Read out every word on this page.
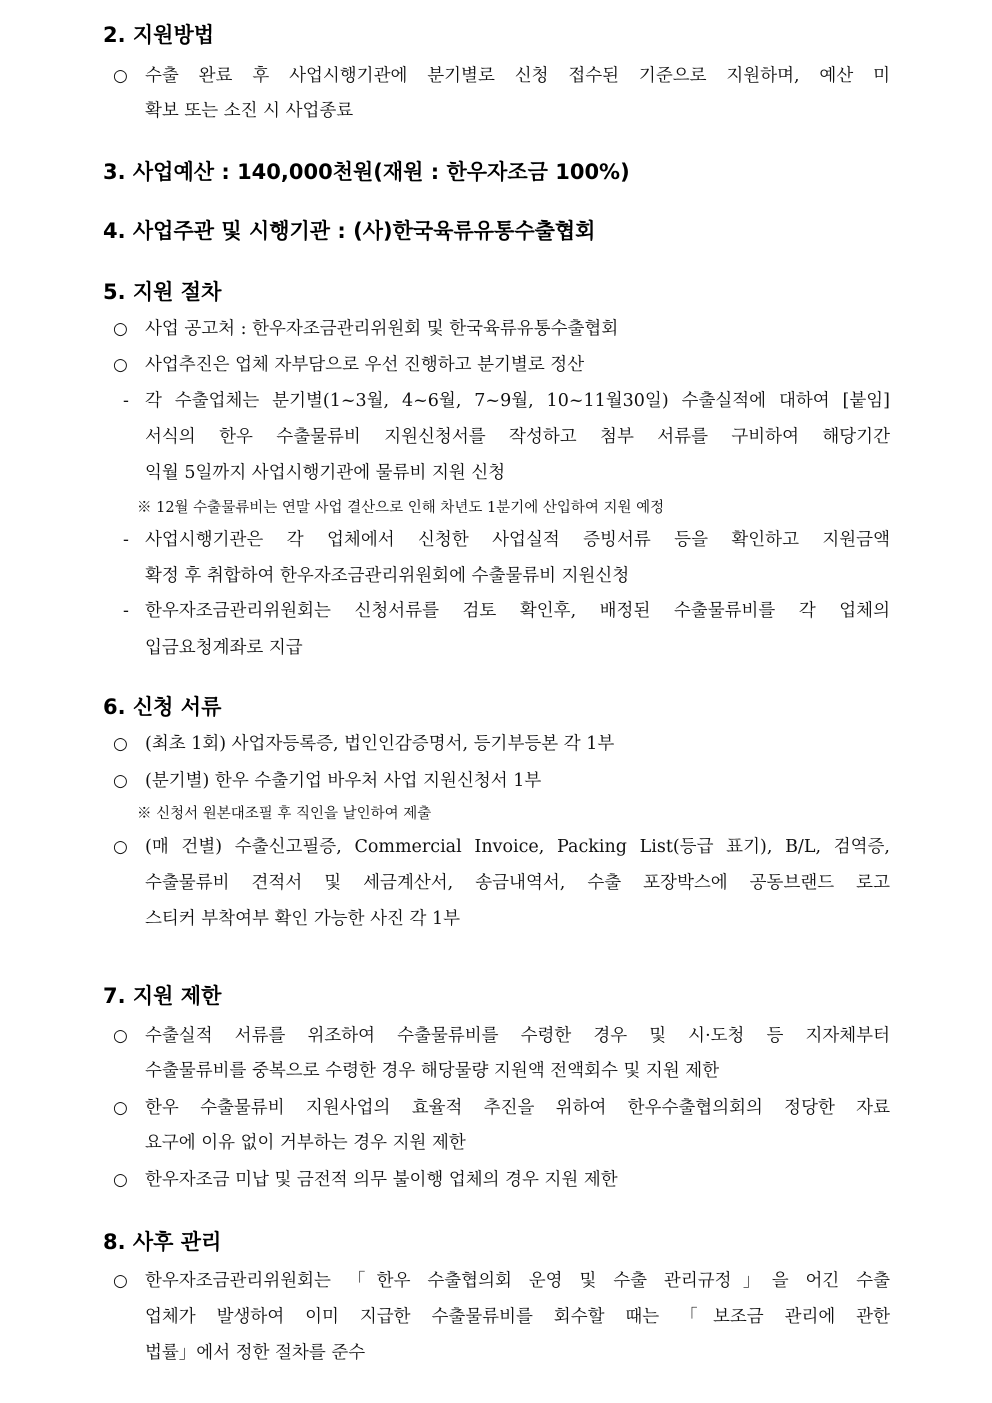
2. 지원방법
○ 수출 완료 후 사업시행기관에 분기별로 신청 접수된 기준으로 지원하며, 예산 미
확보 또는 소진 시 사업종료
3. 사업예산 : 140,000천원(재원 : 한우자조금 100%)
4. 사업주관 및 시행기관 : (사)한국육류유통수출협회
5. 지원 절차
○ 사업 공고처 : 한우자조금관리위원회 및 한국육류유통수출협회
○ 사업추진은 업체 자부담으로 우선 진행하고 분기별로 정산
- 각 수출업체는 분기별(1~3월, 4~6월, 7~9월, 10~11월30일) 수출실적에 대하여 [붙임]
서식의 한우 수출물류비 지원신청서를 작성하고 첨부 서류를 구비하여 해당기간
익월 5일까지 사업시행기관에 물류비 지원 신청
※ 12월 수출물류비는 연말 사업 결산으로 인해 차년도 1분기에 산입하여 지원 예정
- 사업시행기관은 각 업체에서 신청한 사업실적 증빙서류 등을 확인하고 지원금액
확정 후 취합하여 한우자조금관리위원회에 수출물류비 지원신청
- 한우자조금관리위원회는 신청서류를 검토 확인후, 배정된 수출물류비를 각 업체의
입금요청계좌로 지급
6. 신청 서류
○ (최초 1회) 사업자등록증, 법인인감증명서, 등기부등본 각 1부
○ (분기별) 한우 수출기업 바우처 사업 지원신청서 1부
※ 신청서 원본대조필 후 직인을 날인하여 제출
○ (매 건별) 수출신고필증, Commercial Invoice, Packing List(등급 표기), B/L, 검역증,
수출물류비 견적서 및 세금계산서, 송금내역서, 수출 포장박스에 공동브랜드 로고
스티커 부착여부 확인 가능한 사진 각 1부
7. 지원 제한
○ 수출실적 서류를 위조하여 수출물류비를 수령한 경우 및 시·도청 등 지자체부터
수출물류비를 중복으로 수령한 경우 해당물량 지원액 전액회수 및 지원 제한
○ 한우 수출물류비 지원사업의 효율적 추진을 위하여 한우수출협의회의 정당한 자료
요구에 이유 없이 거부하는 경우 지원 제한
○ 한우자조금 미납 및 금전적 의무 불이행 업체의 경우 지원 제한
8. 사후 관리
○ 한우자조금관리위원회는 「한우 수출협의회 운영 및 수출 관리규정」을 어긴 수출
업체가 발생하여 이미 지급한 수출물류비를 회수할 때는 「보조금 관리에 관한
법률」에서 정한 절차를 준수
